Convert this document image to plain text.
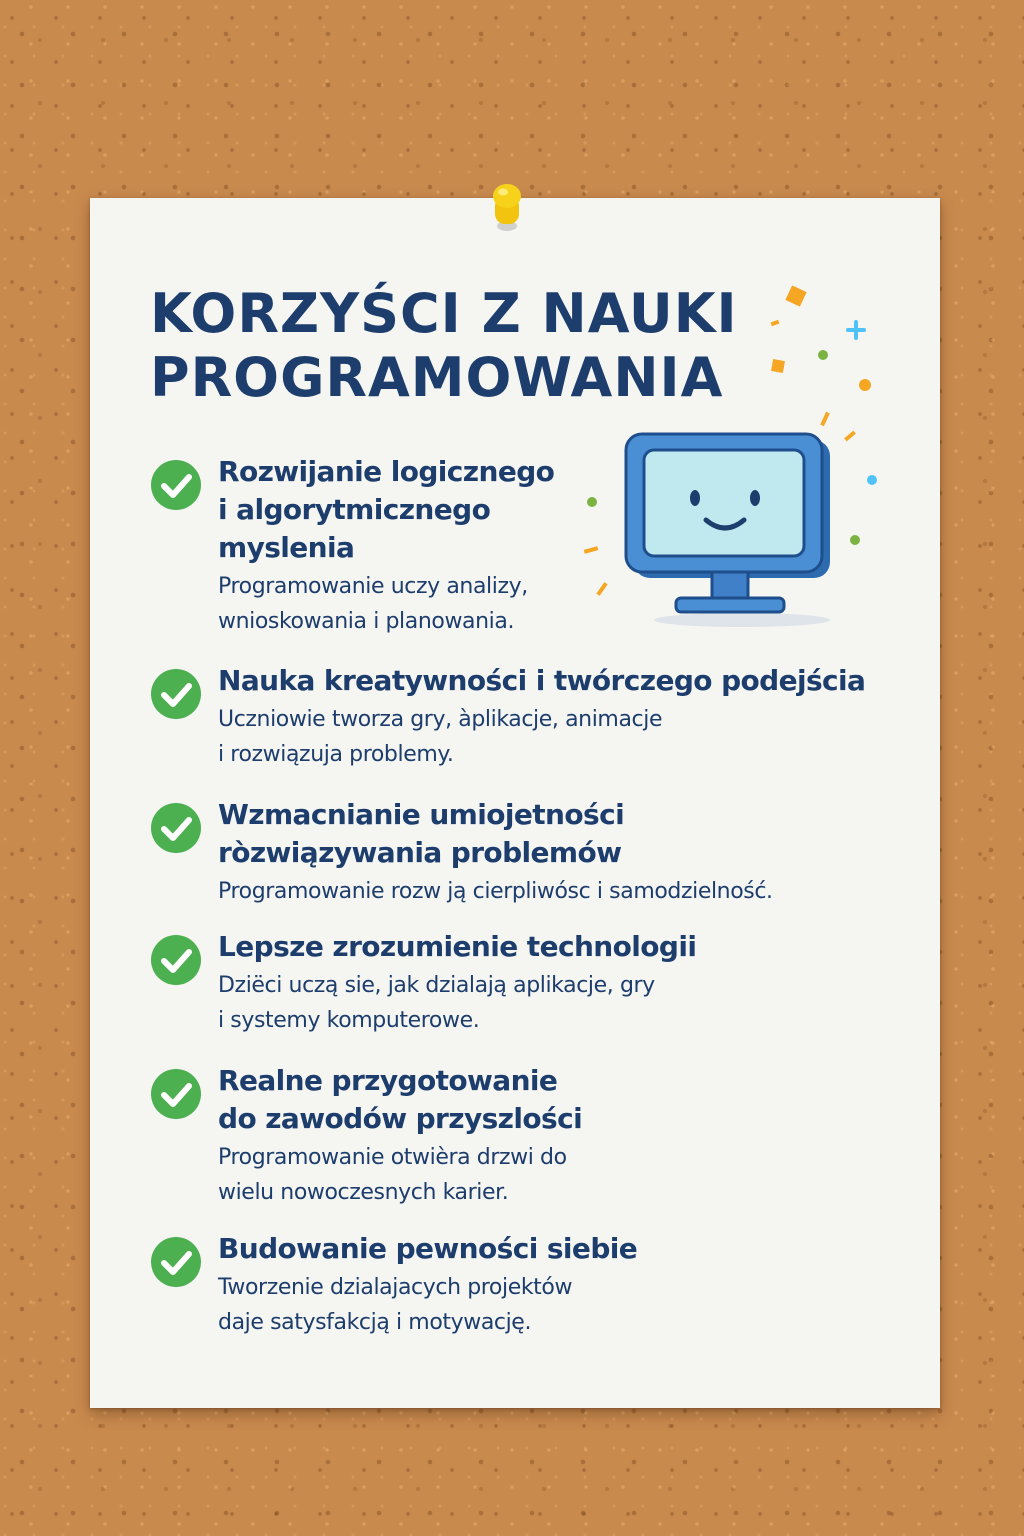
KORZYŚCI Z NAUKI
PROGRAMOWANIA
Rozwijanie logicznego
i algorytmicznego
myslenia
Programowanie uczy analizy,
wnioskowania i planowania.
Nauka kreatywności i twórczego podejścia
Uczniowie tworza gry, àplikacje, animacje
i rozwiązuja problemy.
Wzmacnianie umiojetności
ròzwiązywania problemów
Programowanie rozw ją cierpliwósc i samodzielność.
Lepsze zrozumienie technologii
Dziëci uczą sie, jak dzialają aplikacje, gry
i systemy komputerowe.
Realne przygotowanie
do zawodów przyszlości
Programowanie otwièra drzwi do
wielu nowoczesnych karier.
Budowanie pewności siebie
Tworzenie dzialajacych projektów
daje satysfakcją i motywację.
